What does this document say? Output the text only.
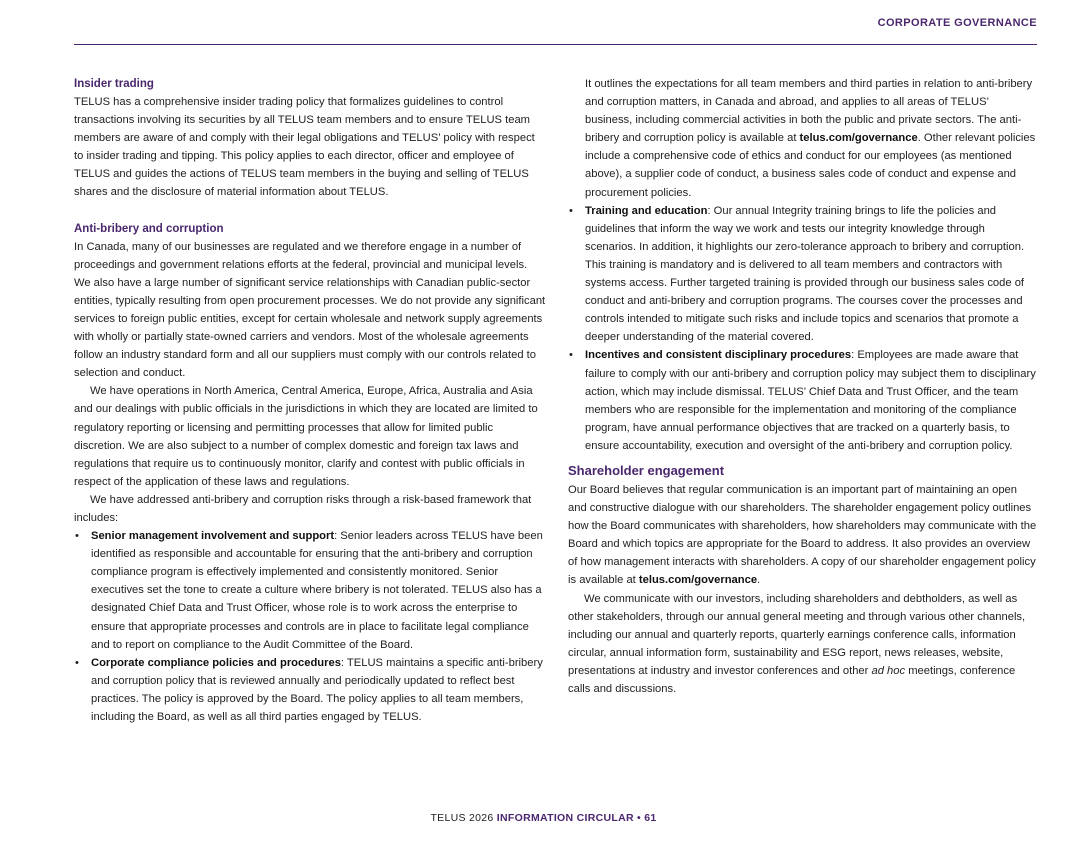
CORPORATE GOVERNANCE
Insider trading

TELUS has a comprehensive insider trading policy that formalizes guidelines to control transactions involving its securities by all TELUS team members and to ensure TELUS team members are aware of and comply with their legal obligations and TELUS’ policy with respect to insider trading and tipping. This policy applies to each director, officer and employee of TELUS and guides the actions of TELUS team members in the buying and selling of TELUS shares and the disclosure of material information about TELUS.

Anti-bribery and corruption

In Canada, many of our businesses are regulated and we therefore engage in a number of proceedings and government relations efforts at the federal, provincial and municipal levels. We also have a large number of significant service relationships with Canadian public-sector entities, typically resulting from open procurement processes. We do not provide any significant services to foreign public entities, except for certain wholesale and network supply agreements with wholly or partially state-owned carriers and vendors. Most of the wholesale agreements follow an industry standard form and all our suppliers must comply with our controls related to selection and conduct.

We have operations in North America, Central America, Europe, Africa, Australia and Asia and our dealings with public officials in the jurisdictions in which they are located are limited to regulatory reporting or licensing and permitting processes that allow for limited public discretion. We are also subject to a number of complex domestic and foreign tax laws and regulations that require us to continuously monitor, clarify and contest with public officials in respect of the application of these laws and regulations.

We have addressed anti-bribery and corruption risks through a risk-based framework that includes:

• Senior management involvement and support: Senior leaders across TELUS have been identified as responsible and accountable for ensuring that the anti-bribery and corruption compliance program is effectively implemented and consistently monitored. Senior executives set the tone to create a culture where bribery is not tolerated. TELUS also has a designated Chief Data and Trust Officer, whose role is to work across the enterprise to ensure that appropriate processes and controls are in place to facilitate legal compliance and to report on compliance to the Audit Committee of the Board.
• Corporate compliance policies and procedures: TELUS maintains a specific anti-bribery and corruption policy that is reviewed annually and periodically updated to reflect best practices. The policy is approved by the Board. The policy applies to all team members, including the Board, as well as all third parties engaged by TELUS.

It outlines the expectations for all team members and third parties in relation to anti-bribery and corruption matters, in Canada and abroad, and applies to all areas of TELUS’ business, including commercial activities in both the public and private sectors. The anti-bribery and corruption policy is available at telus.com/governance. Other relevant policies include a comprehensive code of ethics and conduct for our employees (as mentioned above), a supplier code of conduct, a business sales code of conduct and expense and procurement policies.

• Training and education: Our annual Integrity training brings to life the policies and guidelines that inform the way we work and tests our integrity knowledge through scenarios. In addition, it highlights our zero-tolerance approach to bribery and corruption. This training is mandatory and is delivered to all team members and contractors with systems access. Further targeted training is provided through our business sales code of conduct and anti-bribery and corruption programs. The courses cover the processes and controls intended to mitigate such risks and include topics and scenarios that promote a deeper understanding of the material covered.
• Incentives and consistent disciplinary procedures: Employees are made aware that failure to comply with our anti-bribery and corruption policy may subject them to disciplinary action, which may include dismissal. TELUS’ Chief Data and Trust Officer, and the team members who are responsible for the implementation and monitoring of the compliance program, have annual performance objectives that are tracked on a quarterly basis, to ensure accountability, execution and oversight of the anti-bribery and corruption policy.
Shareholder engagement

Our Board believes that regular communication is an important part of maintaining an open and constructive dialogue with our shareholders. The shareholder engagement policy outlines how the Board communicates with shareholders, how shareholders may communicate with the Board and which topics are appropriate for the Board to address. It also provides an overview of how management interacts with shareholders. A copy of our shareholder engagement policy is available at telus.com/governance.

We communicate with our investors, including shareholders and debtholders, as well as other stakeholders, through our annual general meeting and through various other channels, including our annual and quarterly reports, quarterly earnings conference calls, information circular, annual information form, sustainability and ESG report, news releases, website, presentations at industry and investor conferences and other ad hoc meetings, conference calls and discussions.

TELUS 2026 INFORMATION CIRCULAR • 61
